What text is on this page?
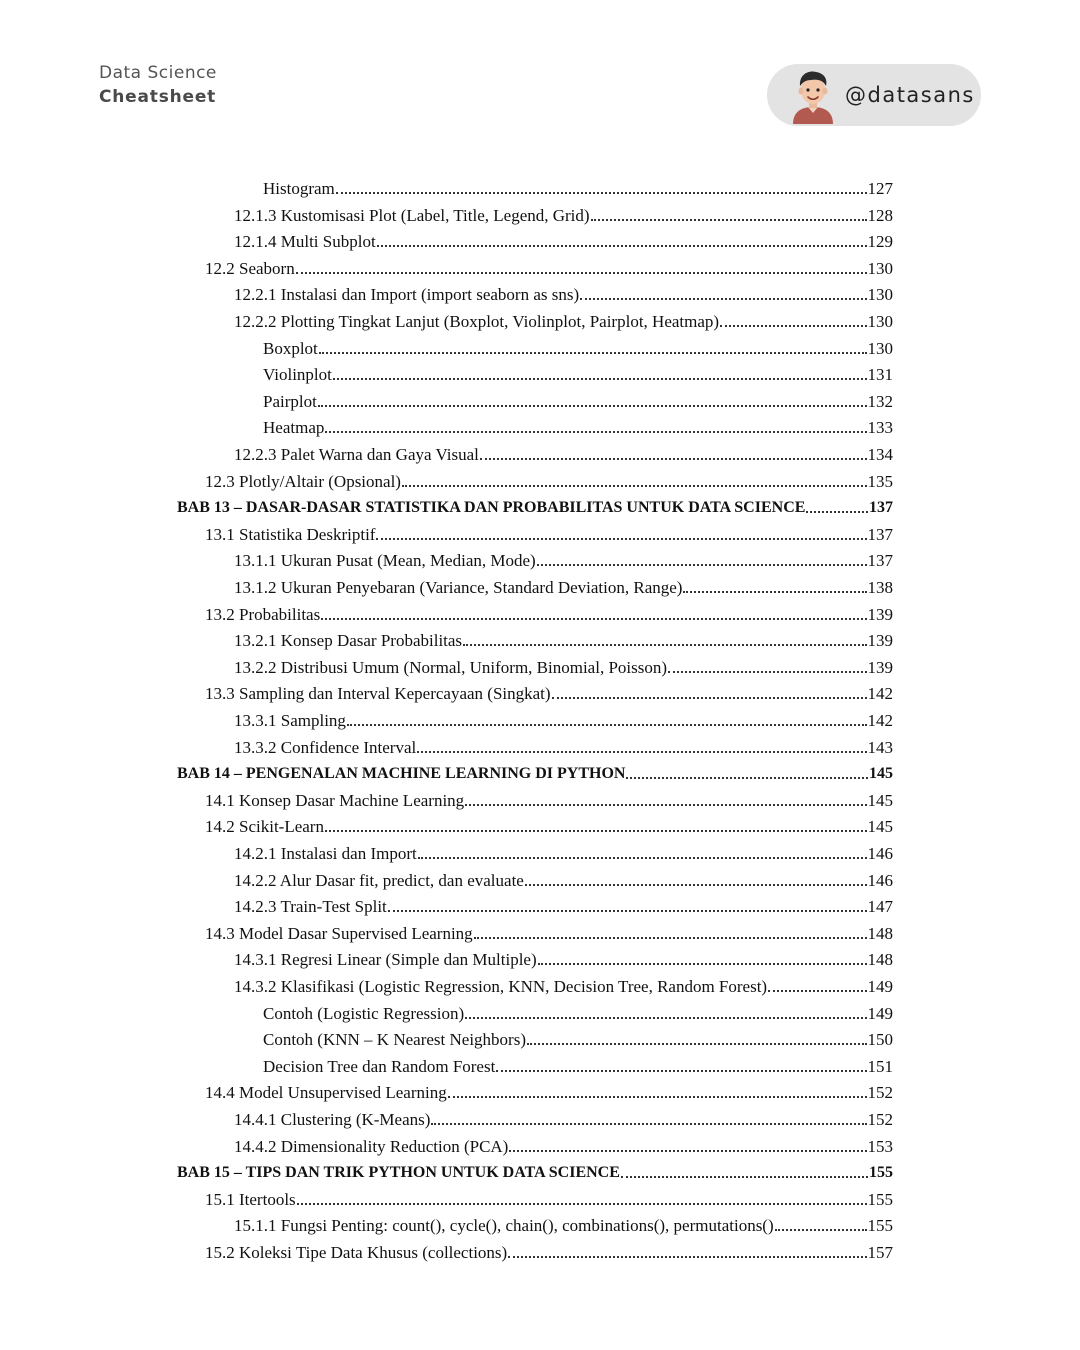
Data Science
Cheatsheet	@datasans
Histogram	127
12.1.3 Kustomisasi Plot (Label, Title, Legend, Grid)	128
12.1.4 Multi Subplot	129
12.2 Seaborn	130
12.2.1 Instalasi dan Import (import seaborn as sns)	130
12.2.2 Plotting Tingkat Lanjut (Boxplot, Violinplot, Pairplot, Heatmap)	130
Boxplot	130
Violinplot	131
Pairplot	132
Heatmap	133
12.2.3 Palet Warna dan Gaya Visual	134
12.3 Plotly/Altair (Opsional)	135
BAB 13 – DASAR-DASAR STATISTIKA DAN PROBABILITAS UNTUK DATA SCIENCE	137
13.1 Statistika Deskriptif	137
13.1.1 Ukuran Pusat (Mean, Median, Mode)	137
13.1.2 Ukuran Penyebaran (Variance, Standard Deviation, Range)	138
13.2 Probabilitas	139
13.2.1 Konsep Dasar Probabilitas	139
13.2.2 Distribusi Umum (Normal, Uniform, Binomial, Poisson)	139
13.3 Sampling dan Interval Kepercayaan (Singkat)	142
13.3.1 Sampling	142
13.3.2 Confidence Interval	143
BAB 14 – PENGENALAN MACHINE LEARNING DI PYTHON	145
14.1 Konsep Dasar Machine Learning	145
14.2 Scikit-Learn	145
14.2.1 Instalasi dan Import	146
14.2.2 Alur Dasar fit, predict, dan evaluate	146
14.2.3 Train-Test Split	147
14.3 Model Dasar Supervised Learning	148
14.3.1 Regresi Linear (Simple dan Multiple)	148
14.3.2 Klasifikasi (Logistic Regression, KNN, Decision Tree, Random Forest)	149
Contoh (Logistic Regression)	149
Contoh (KNN – K Nearest Neighbors)	150
Decision Tree dan Random Forest	151
14.4 Model Unsupervised Learning	152
14.4.1 Clustering (K-Means)	152
14.4.2 Dimensionality Reduction (PCA)	153
BAB 15 – TIPS DAN TRIK PYTHON UNTUK DATA SCIENCE	155
15.1 Itertools	155
15.1.1 Fungsi Penting: count(), cycle(), chain(), combinations(), permutations()	155
15.2 Koleksi Tipe Data Khusus (collections)	157
